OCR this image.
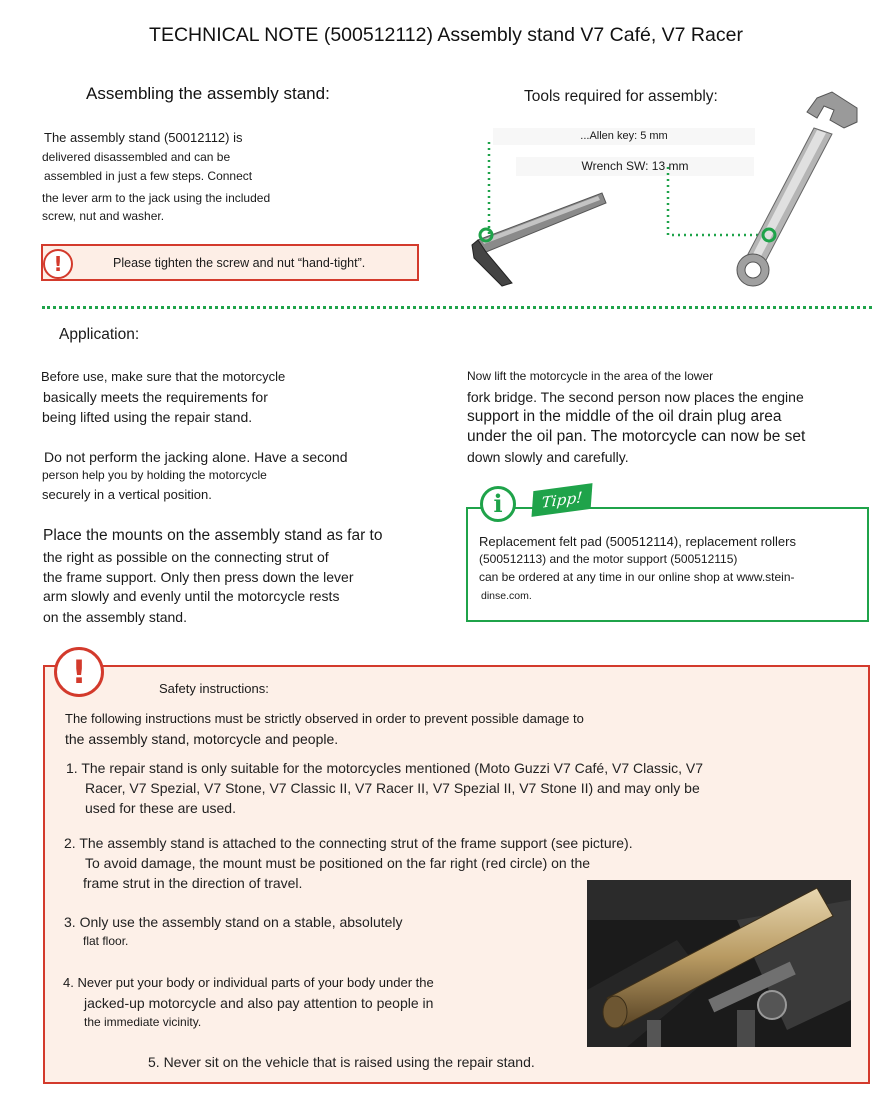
TECHNICAL NOTE (500512112) Assembly stand V7 Café, V7 Racer
Assembling the assembly stand:
The assembly stand (50012112) is
delivered disassembled and can be
assembled in just a few steps. Connect
the lever arm to the jack using the included
screw, nut and washer.
Please tighten the screw and nut “hand-tight”.
!
Tools required for assembly:
...Allen key: 5 mm
Wrench SW: 13 mm
Application:
Before use, make sure that the motorcycle
basically meets the requirements for
being lifted using the repair stand.
Do not perform the jacking alone. Have a second
person help you by holding the motorcycle
securely in a vertical position.
Place the mounts on the assembly stand as far to
the right as possible on the connecting strut of
the frame support. Only then press down the lever
arm slowly and evenly until the motorcycle rests
on the assembly stand.
Now lift the motorcycle in the area of the lower
fork bridge. The second person now places the engine
support in the middle of the oil drain plug area
under the oil pan. The motorcycle can now be set
down slowly and carefully.
i	Tipp!
Replacement felt pad (500512114), replacement rollers
(500512113) and the motor support (500512115)
can be ordered at any time in our online shop at www.stein-
dinse.com.
!	Safety instructions:
The following instructions must be strictly observed in order to prevent possible damage to
the assembly stand, motorcycle and people.
1. The repair stand is only suitable for the motorcycles mentioned (Moto Guzzi V7 Café, V7 Classic, V7
Racer, V7 Spezial, V7 Stone, V7 Classic II, V7 Racer II, V7 Spezial II, V7 Stone II) and may only be
used for these are used.
2. The assembly stand is attached to the connecting strut of the frame support (see picture).
To avoid damage, the mount must be positioned on the far right (red circle) on the
frame strut in the direction of travel.
3. Only use the assembly stand on a stable, absolutely
flat floor.
4. Never put your body or individual parts of your body under the
jacked-up motorcycle and also pay attention to people in
the immediate vicinity.
5. Never sit on the vehicle that is raised using the repair stand.
